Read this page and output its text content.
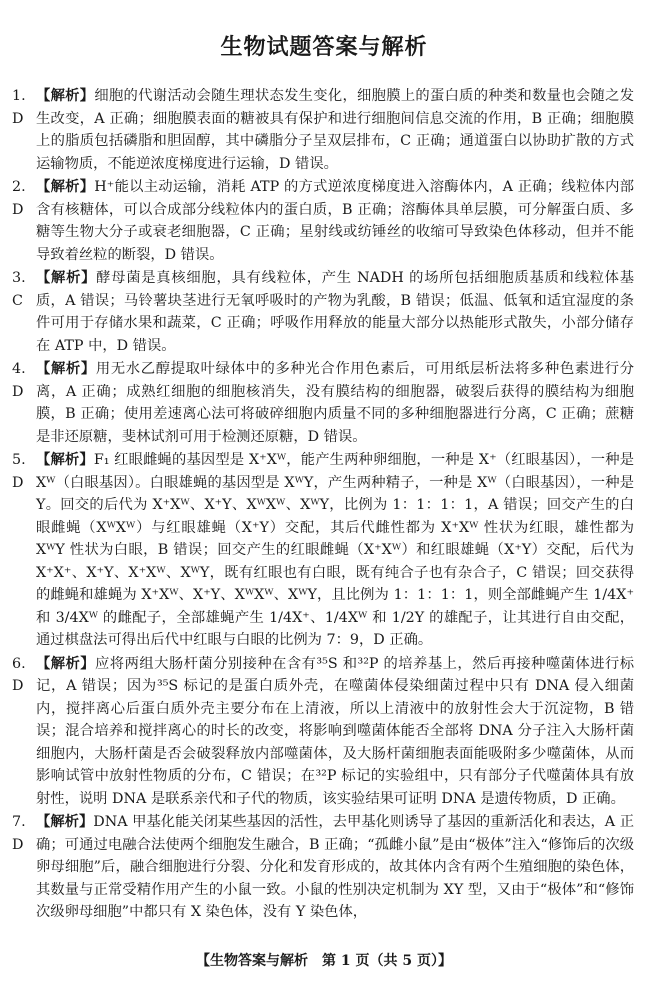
生物试题答案与解析
1. D
【解析】细胞的代谢活动会随生理状态发生变化，细胞膜上的蛋白质的种类和数量也会随之发生改变，A 正确；细胞膜表面的糖被具有保护和进行细胞间信息交流的作用，B 正确；细胞膜上的脂质包括磷脂和胆固醇，其中磷脂分子呈双层排布，C 正确；通道蛋白以协助扩散的方式运输物质，不能逆浓度梯度进行运输，D 错误。
2. D
【解析】H⁺能以主动运输，消耗 ATP 的方式逆浓度梯度进入溶酶体内，A 正确；线粒体内部含有核糖体，可以合成部分线粒体内的蛋白质，B 正确；溶酶体具单层膜，可分解蛋白质、多糖等生物大分子或衰老细胞器，C 正确；星射线或纺锤丝的收缩可导致染色体移动，但并不能导致着丝粒的断裂，D 错误。
3. C
【解析】酵母菌是真核细胞，具有线粒体，产生 NADH 的场所包括细胞质基质和线粒体基质，A 错误；马铃薯块茎进行无氧呼吸时的产物为乳酸，B 错误；低温、低氧和适宜湿度的条件可用于存储水果和蔬菜，C 正确；呼吸作用释放的能量大部分以热能形式散失，小部分储存在 ATP 中，D 错误。
4. D
【解析】用无水乙醇提取叶绿体中的多种光合作用色素后，可用纸层析法将多种色素进行分离，A 正确；成熟红细胞的细胞核消失，没有膜结构的细胞器，破裂后获得的膜结构为细胞膜，B 正确；使用差速离心法可将破碎细胞内质量不同的多种细胞器进行分离，C 正确；蔗糖是非还原糖，斐林试剂可用于检测还原糖，D 错误。
5. D
【解析】F₁ 红眼雌蝇的基因型是 X⁺Xᵂ，能产生两种卵细胞，一种是 X⁺（红眼基因），一种是 Xᵂ（白眼基因）。白眼雄蝇的基因型是 XᵂY，产生两种精子，一种是 Xᵂ（白眼基因），一种是 Y。回交的后代为 X⁺Xᵂ、X⁺Y、XᵂXᵂ、XᵂY，比例为 1：1：1：1，A 错误；回交产生的白眼雌蝇（XᵂXᵂ）与红眼雄蝇（X⁺Y）交配，其后代雌性都为 X⁺Xᵂ 性状为红眼，雄性都为 XᵂY 性状为白眼，B 错误；回交产生的红眼雌蝇（X⁺Xᵂ）和红眼雄蝇（X⁺Y）交配，后代为 X⁺X⁺、X⁺Y、X⁺Xᵂ、XᵂY，既有红眼也有白眼，既有纯合子也有杂合子，C 错误；回交获得的雌蝇和雄蝇为 X⁺Xᵂ、X⁺Y、XᵂXᵂ、XᵂY，且比例为 1：1：1：1，则全部雌蝇产生 1/4X⁺ 和 3/4Xᵂ 的雌配子，全部雄蝇产生 1/4X⁺、1/4Xᵂ 和 1/2Y 的雄配子，让其进行自由交配，通过棋盘法可得出后代中红眼与白眼的比例为 7：9，D 正确。
6. D
【解析】应将两组大肠杆菌分别接种在含有³⁵S 和³²P 的培养基上，然后再接种噬菌体进行标记，A 错误；因为³⁵S 标记的是蛋白质外壳，在噬菌体侵染细菌过程中只有 DNA 侵入细菌内，搅拌离心后蛋白质外壳主要分布在上清液，所以上清液中的放射性会大于沉淀物，B 错误；混合培养和搅拌离心的时长的改变，将影响到噬菌体能否全部将 DNA 分子注入大肠杆菌细胞内，大肠杆菌是否会破裂释放内部噬菌体，及大肠杆菌细胞表面能吸附多少噬菌体，从而影响试管中放射性物质的分布，C 错误；在³²P 标记的实验组中，只有部分子代噬菌体具有放射性，说明 DNA 是联系亲代和子代的物质，该实验结果可证明 DNA 是遗传物质，D 正确。
7. D
【解析】DNA 甲基化能关闭某些基因的活性，去甲基化则诱导了基因的重新活化和表达，A 正确；可通过电融合法使两个细胞发生融合，B 正确；“孤雌小鼠”是由“极体”注入“修饰后的次级卵母细胞”后，融合细胞进行分裂、分化和发育形成的，故其体内含有两个生殖细胞的染色体，其数量与正常受精作用产生的小鼠一致。小鼠的性别决定机制为 XY 型，又由于“极体”和“修饰次级卵母细胞”中都只有 X 染色体，没有 Y 染色体，
【生物答案与解析　第 1 页（共 5 页）】
